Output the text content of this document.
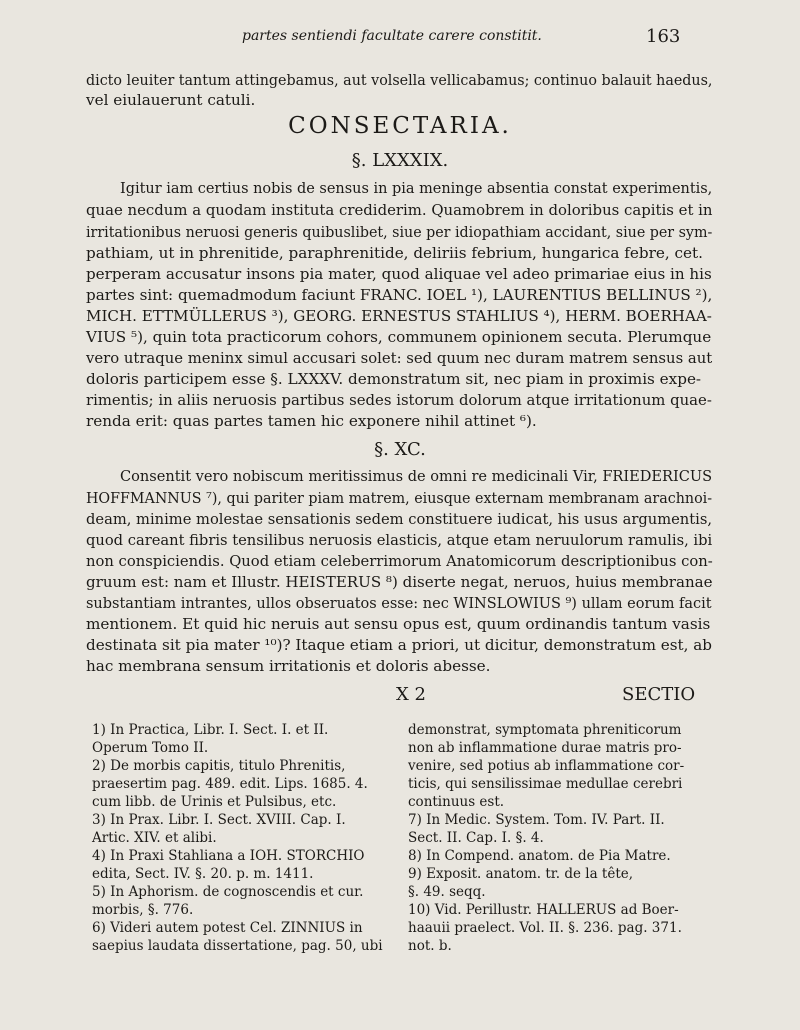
partes sentiendi facultate carere constitit.	163
dicto leuiter tantum attingebamus, aut volsella vellicabamus; continuo balauit haedus,
vel eiulauerunt catuli.
CONSECTARIA.
§. LXXXIX.
Igitur iam certius nobis de sensus in pia meninge absentia constat experimentis,
quae necdum a quodam instituta crediderim. Quamobrem in doloribus capitis et in
irritationibus neruosi generis quibuslibet, siue per idiopathiam accidant, siue per sym-
pathiam, ut in phrenitide, paraphrenitide, deliriis febrium, hungarica febre, cet.
perperam accusatur insons pia mater, quod aliquae vel adeo primariae eius in his
partes sint: quemadmodum faciunt FRANC. IOEL ¹), LAURENTIUS BELLINUS ²),
MICH. ETTMÜLLERUS ³), GEORG. ERNESTUS STAHLIUS ⁴), HERM. BOERHAA-
VIUS ⁵), quin tota practicorum cohors, communem opinionem secuta. Plerumque
vero utraque meninx simul accusari solet: sed quum nec duram matrem sensus aut
doloris participem esse §. LXXXV. demonstratum sit, nec piam in proximis expe-
rimentis; in aliis neruosis partibus sedes istorum dolorum atque irritationum quae-
renda erit: quas partes tamen hic exponere nihil attinet ⁶).
§. XC.
Consentit vero nobiscum meritissimus de omni re medicinali Vir, FRIEDERICUS
HOFFMANNUS ⁷), qui pariter piam matrem, eiusque externam membranam arachnoi-
deam, minime molestae sensationis sedem constituere iudicat, his usus argumentis,
quod careant fibris tensilibus neruosis elasticis, atque etam neruulorum ramulis, ibi
non conspiciendis. Quod etiam celeberrimorum Anatomicorum descriptionibus con-
gruum est: nam et Illustr. HEISTERUS ⁸) diserte negat, neruos, huius membranae
substantiam intrantes, ullos obseruatos esse: nec WINSLOWIUS ⁹) ullam eorum facit
mentionem. Et quid hic neruis aut sensu opus est, quum ordinandis tantum vasis
destinata sit pia mater ¹⁰)? Itaque etiam a priori, ut dicitur, demonstratum est, ab
hac membrana sensum irritationis et doloris abesse.
X 2	SECTIO
1) In Practica, Libr. I. Sect. I. et II.
Operum Tomo II.
2) De morbis capitis, titulo Phrenitis,
praesertim pag. 489. edit. Lips. 1685. 4.
cum libb. de Urinis et Pulsibus, etc.
3) In Prax. Libr. I. Sect. XVIII. Cap. I.
Artic. XIV. et alibi.
4) In Praxi Stahliana a IOH. STORCHIO
edita, Sect. IV. §. 20. p. m. 1411.
5) In Aphorism. de cognoscendis et cur.
morbis, §. 776.
6) Videri autem potest Cel. ZINNIUS in
saepius laudata dissertatione, pag. 50, ubi
demonstrat, symptomata phreniticorum
non ab inflammatione durae matris pro-
venire, sed potius ab inflammatione cor-
ticis, qui sensilissimae medullae cerebri
continuus est.
7) In Medic. System. Tom. IV. Part. II.
Sect. II. Cap. I. §. 4.
8) In Compend. anatom. de Pia Matre.
9) Exposit. anatom. tr. de la tête,
§. 49. seqq.
10) Vid. Perillustr. HALLERUS ad Boer-
haauii praelect. Vol. II. §. 236. pag. 371.
not. b.
